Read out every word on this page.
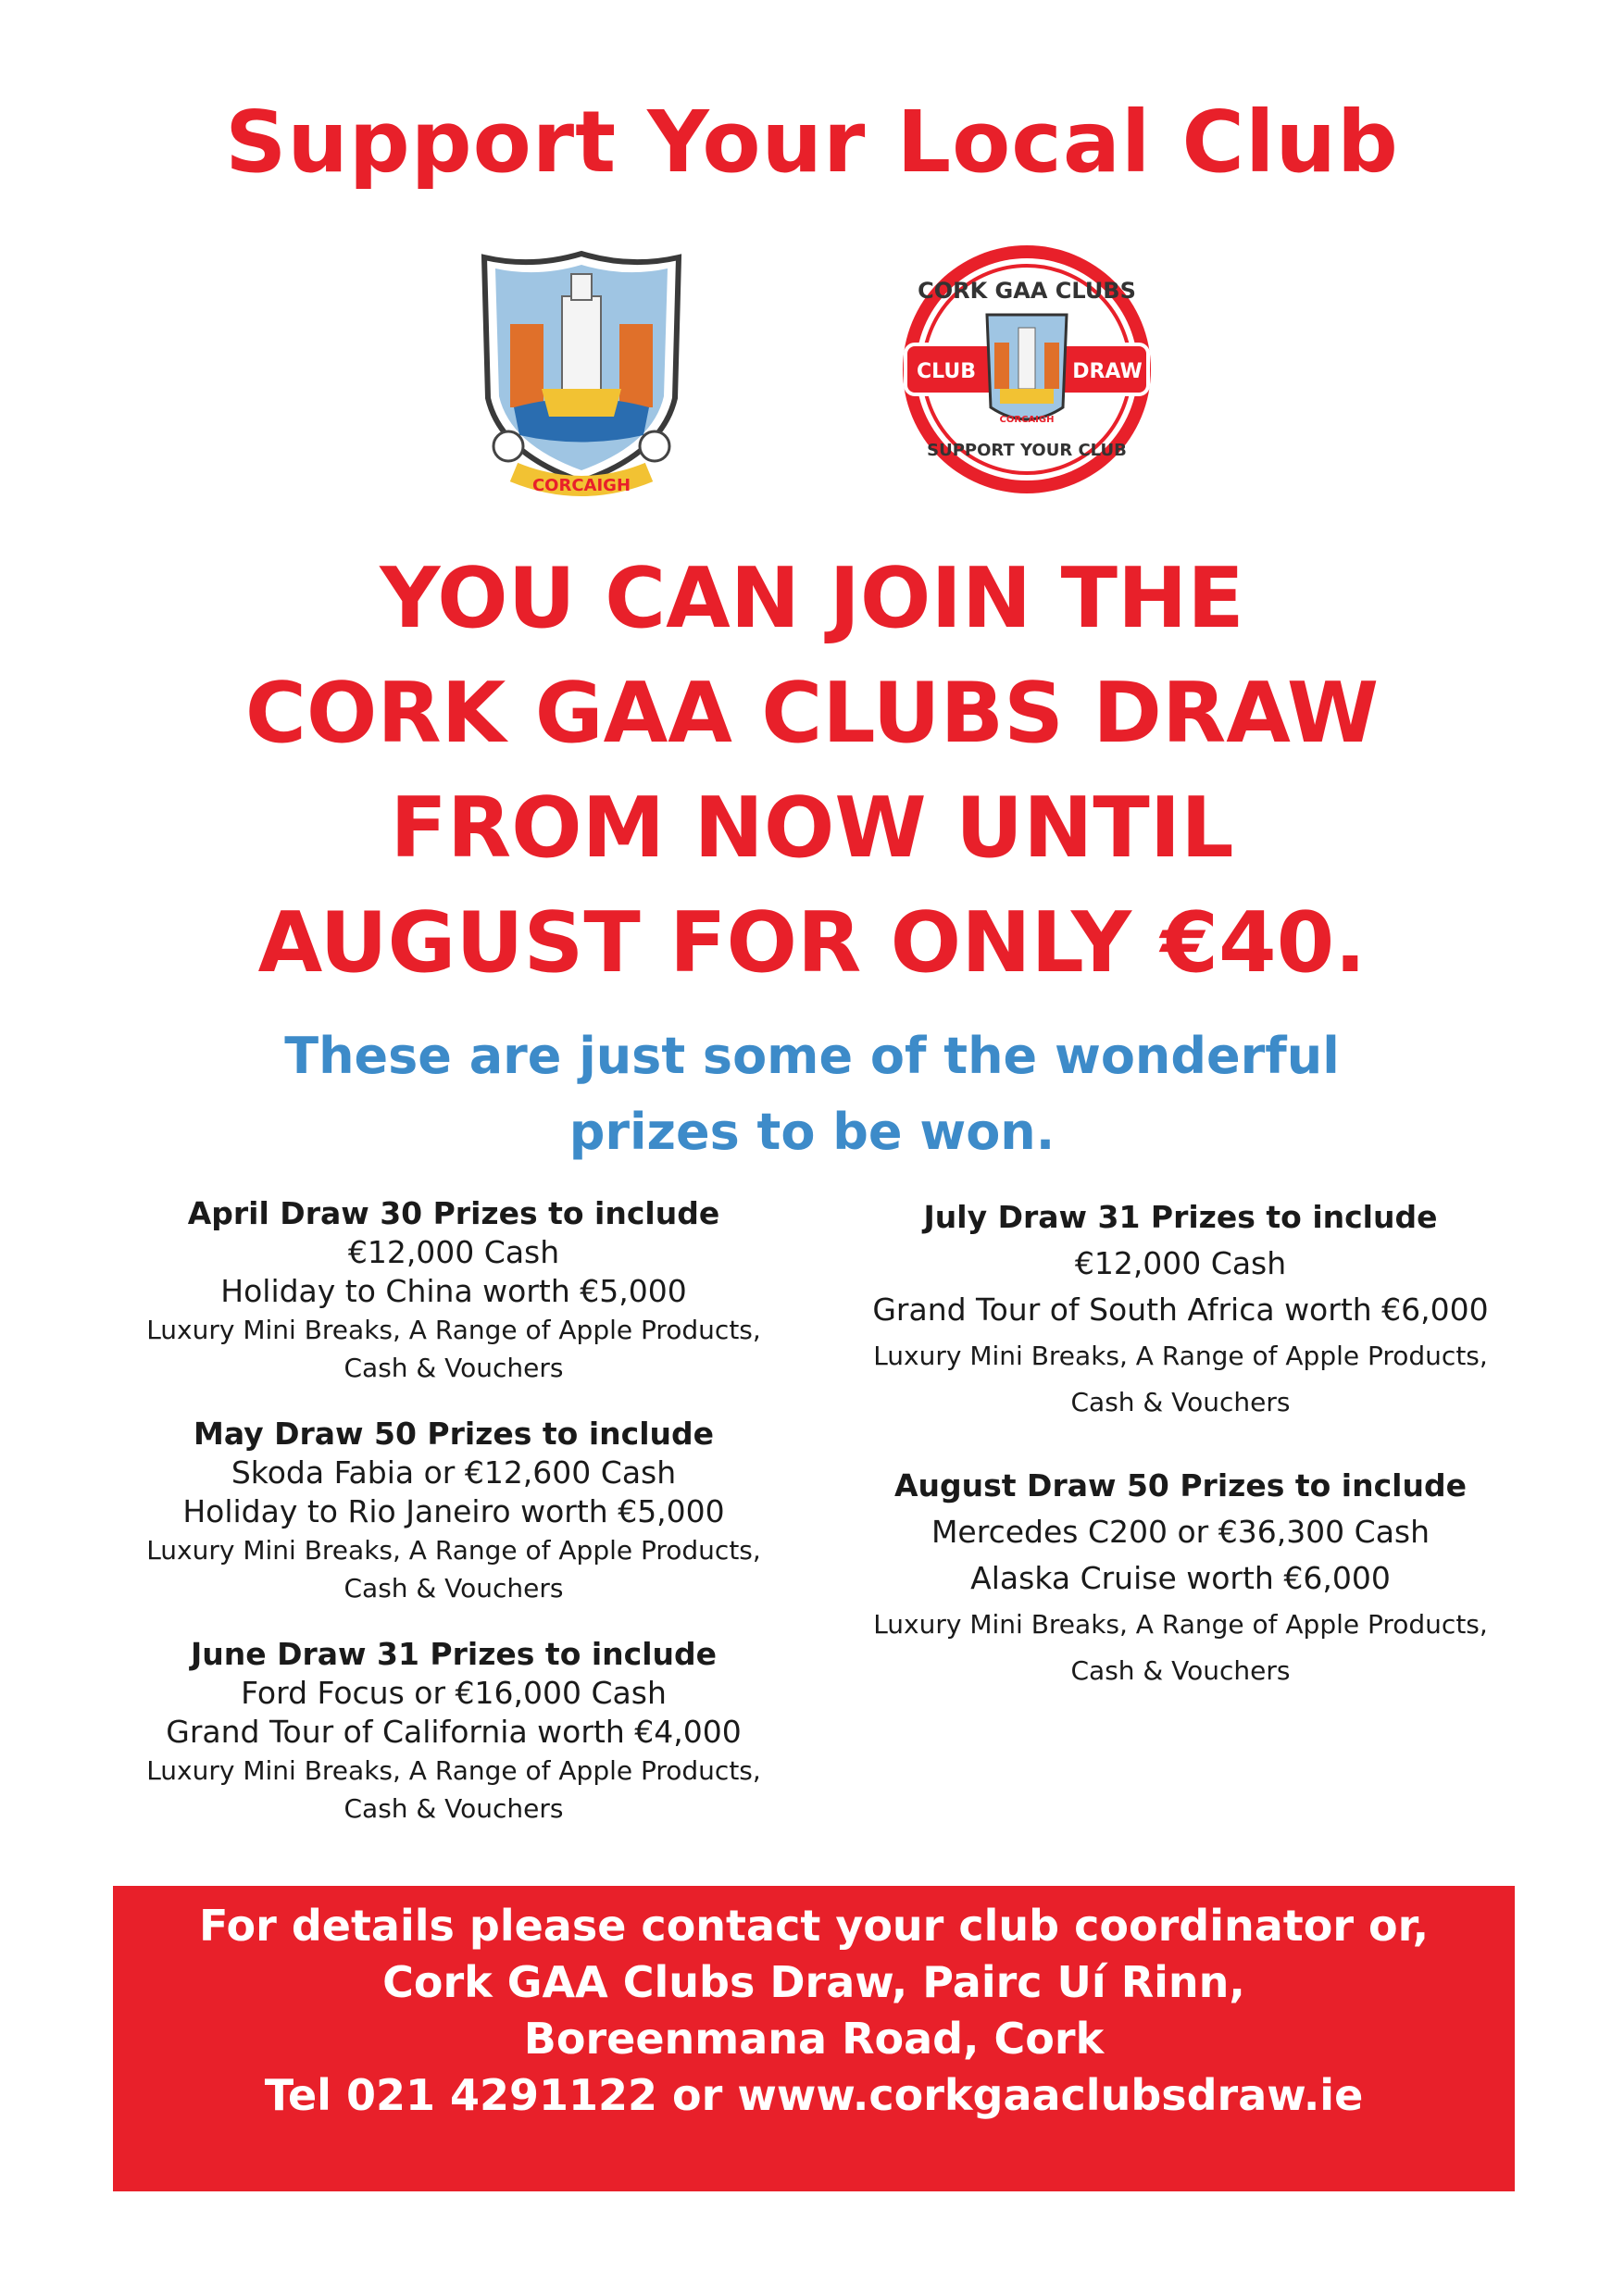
Support Your Local Club
CORCAIGH
CLUB	DRAW
CORCAIGH
CORK GAA CLUBS
SUPPORT YOUR CLUB
YOU CAN JOIN THE
CORK GAA CLUBS DRAW
FROM NOW UNTIL
AUGUST FOR ONLY €40.
These are just some of the wonderful
prizes to be won.
April Draw 30 Prizes to include
€12,000 Cash
Holiday to China worth €5,000
Luxury Mini Breaks, A Range of Apple Products,
Cash & Vouchers
May Draw 50 Prizes to include
Skoda Fabia or €12,600 Cash
Holiday to Rio Janeiro worth €5,000
Luxury Mini Breaks, A Range of Apple Products,
Cash & Vouchers
June Draw 31 Prizes to include
Ford Focus or €16,000 Cash
Grand Tour of California worth €4,000
Luxury Mini Breaks, A Range of Apple Products,
Cash & Vouchers
July Draw 31 Prizes to include
€12,000 Cash
Grand Tour of South Africa worth €6,000
Luxury Mini Breaks, A Range of Apple Products,
Cash & Vouchers
August Draw 50 Prizes to include
Mercedes C200 or €36,300 Cash
Alaska Cruise worth €6,000
Luxury Mini Breaks, A Range of Apple Products,
Cash & Vouchers
For details please contact your club coordinator or,
Cork GAA Clubs Draw, Pairc Uí Rinn,
Boreenmana Road, Cork
Tel 021 4291122 or www.corkgaaclubsdraw.ie
